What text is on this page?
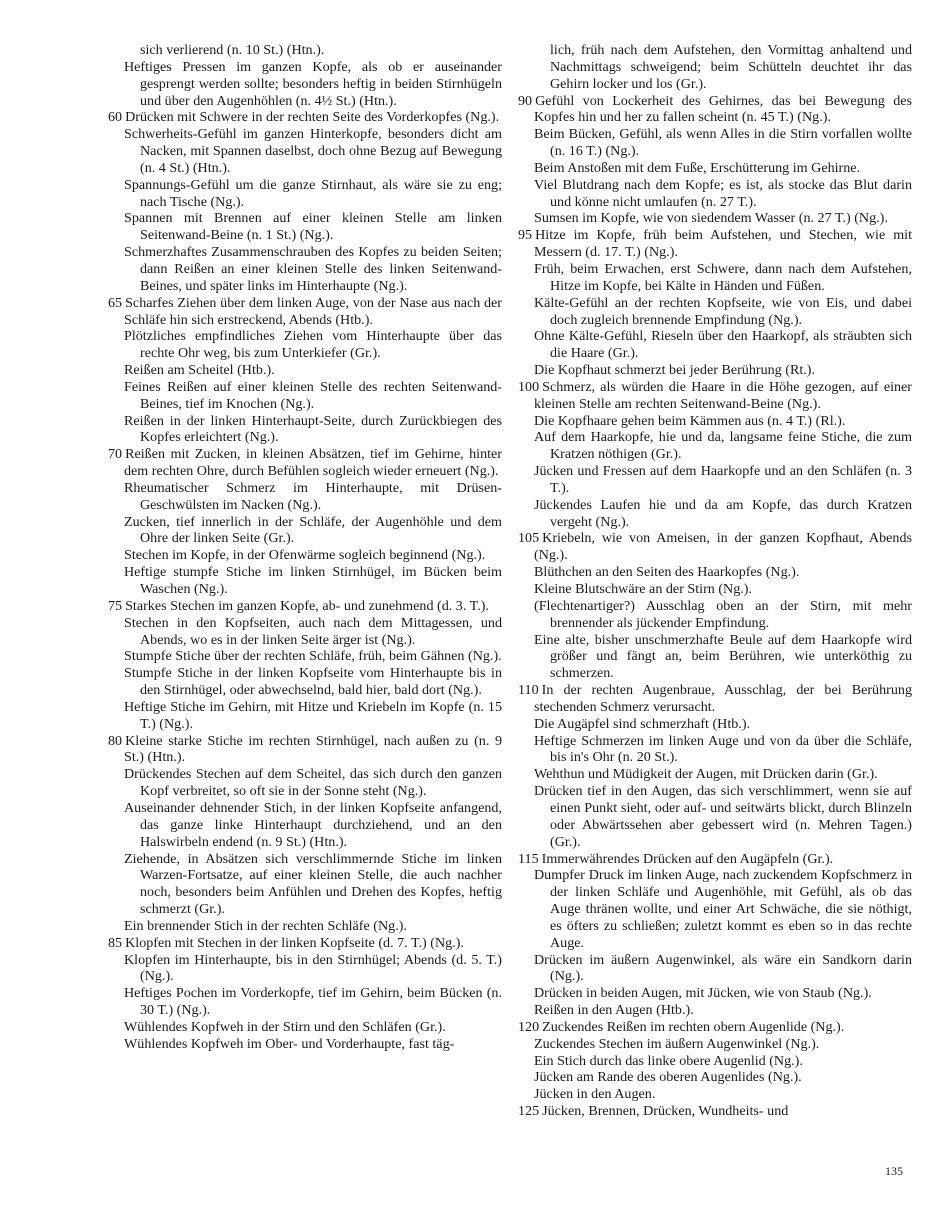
sich verlierend (n. 10 St.) (Htn.).

Heftiges Pressen im ganzen Kopfe, als ob er auseinander gesprengt werden sollte; besonders heftig in beiden Stirnhügeln und über den Augenhöhlen (n. 4½ St.) (Htn.).

60 Drücken mit Schwere in der rechten Seite des Vorderkopfes (Ng.).

Schwerheits-Gefühl im ganzen Hinterkopfe, besonders dicht am Nacken, mit Spannen daselbst, doch ohne Bezug auf Bewegung (n. 4 St.) (Htn.).

Spannungs-Gefühl um die ganze Stirnhaut, als wäre sie zu eng; nach Tische (Ng.).

Spannen mit Brennen auf einer kleinen Stelle am linken Seitenwand-Beine (n. 1 St.) (Ng.).

Schmerzhaftes Zusammenschrauben des Kopfes zu beiden Seiten; dann Reißen an einer kleinen Stelle des linken Seitenwand-Beines, und später links im Hinterhaupte (Ng.).

65 Scharfes Ziehen über dem linken Auge, von der Nase aus nach der Schläfe hin sich erstreckend, Abends (Htb.).

Plötzliches empfindliches Ziehen vom Hinterhaupte über das rechte Ohr weg, bis zum Unterkiefer (Gr.).

Reißen am Scheitel (Htb.).

Feines Reißen auf einer kleinen Stelle des rechten Seitenwand-Beines, tief im Knochen (Ng.).

Reißen in der linken Hinterhaupt-Seite, durch Zurückbiegen des Kopfes erleichtert (Ng.).

70 Reißen mit Zucken, in kleinen Absätzen, tief im Gehirne, hinter dem rechten Ohre, durch Befühlen sogleich wieder erneuert (Ng.).

Rheumatischer Schmerz im Hinterhaupte, mit Drüsen-Geschwülsten im Nacken (Ng.).

Zucken, tief innerlich in der Schläfe, der Augenhöhle und dem Ohre der linken Seite (Gr.).

Stechen im Kopfe, in der Ofenwärme sogleich beginnend (Ng.).

Heftige stumpfe Stiche im linken Stirnhügel, im Bücken beim Waschen (Ng.).

75 Starkes Stechen im ganzen Kopfe, ab- und zunehmend (d. 3. T.).

Stechen in den Kopfseiten, auch nach dem Mittagessen, und Abends, wo es in der linken Seite ärger ist (Ng.).

Stumpfe Stiche über der rechten Schläfe, früh, beim Gähnen (Ng.).

Stumpfe Stiche in der linken Kopfseite vom Hinterhaupte bis in den Stirnhügel, oder abwechselnd, bald hier, bald dort (Ng.).

Heftige Stiche im Gehirn, mit Hitze und Kriebeln im Kopfe (n. 15 T.) (Ng.).

80 Kleine starke Stiche im rechten Stirnhügel, nach außen zu (n. 9 St.) (Htn.).

Drückendes Stechen auf dem Scheitel, das sich durch den ganzen Kopf verbreitet, so oft sie in der Sonne steht (Ng.).

Auseinander dehnender Stich, in der linken Kopfseite anfangend, das ganze linke Hinterhaupt durchziehend, und an den Halswirbeln endend (n. 9 St.) (Htn.).

Ziehende, in Absätzen sich verschlimmernde Stiche im linken Warzen-Fortsatze, auf einer kleinen Stelle, die auch nachher noch, besonders beim Anfühlen und Drehen des Kopfes, heftig schmerzt (Gr.).

Ein brennender Stich in der rechten Schläfe (Ng.).

85 Klopfen mit Stechen in der linken Kopfseite (d. 7. T.) (Ng.).

Klopfen im Hinterhaupte, bis in den Stirnhügel; Abends (d. 5. T.) (Ng.).

Heftiges Pochen im Vorderkopfe, tief im Gehirn, beim Bücken (n. 30 T.) (Ng.).

Wühlendes Kopfweh in der Stirn und den Schläfen (Gr.).

Wühlendes Kopfweh im Ober- und Vorderhaupte, fast täg-

lich, früh nach dem Aufstehen, den Vormittag anhaltend und Nachmittags schweigend; beim Schütteln deuchtet ihr das Gehirn locker und los (Gr.).

90 Gefühl von Lockerheit des Gehirnes, das bei Bewegung des Kopfes hin und her zu fallen scheint (n. 45 T.) (Ng.).

Beim Bücken, Gefühl, als wenn Alles in die Stirn vorfallen wollte (n. 16 T.) (Ng.).

Beim Anstoßen mit dem Fuße, Erschütterung im Gehirne.

Viel Blutdrang nach dem Kopfe; es ist, als stocke das Blut darin und könne nicht umlaufen (n. 27 T.).

Sumsen im Kopfe, wie von siedendem Wasser (n. 27 T.) (Ng.).

95 Hitze im Kopfe, früh beim Aufstehen, und Stechen, wie mit Messern (d. 17. T.) (Ng.).

Früh, beim Erwachen, erst Schwere, dann nach dem Aufstehen, Hitze im Kopfe, bei Kälte in Händen und Füßen.

Kälte-Gefühl an der rechten Kopfseite, wie von Eis, und dabei doch zugleich brennende Empfindung (Ng.).

Ohne Kälte-Gefühl, Rieseln über den Haarkopf, als sträubten sich die Haare (Gr.).

Die Kopfhaut schmerzt bei jeder Berührung (Rt.).

100 Schmerz, als würden die Haare in die Höhe gezogen, auf einer kleinen Stelle am rechten Seitenwand-Beine (Ng.).

Die Kopfhaare gehen beim Kämmen aus (n. 4 T.) (Rl.).

Auf dem Haarkopfe, hie und da, langsame feine Stiche, die zum Kratzen nöthigen (Gr.).

Jücken und Fressen auf dem Haarkopfe und an den Schläfen (n. 3 T.).

Jückendes Laufen hie und da am Kopfe, das durch Kratzen vergeht (Ng.).

105 Kriebeln, wie von Ameisen, in der ganzen Kopfhaut, Abends (Ng.).

Blüthchen an den Seiten des Haarkopfes (Ng.).

Kleine Blutschwäre an der Stirn (Ng.).

(Flechtenartiger?) Ausschlag oben an der Stirn, mit mehr brennender als jückender Empfindung.

Eine alte, bisher unschmerzhafte Beule auf dem Haarkopfe wird größer und fängt an, beim Berühren, wie unterköthig zu schmerzen.

110 In der rechten Augenbraue, Ausschlag, der bei Berührung stechenden Schmerz verursacht.

Die Augäpfel sind schmerzhaft (Htb.).

Heftige Schmerzen im linken Auge und von da über die Schläfe, bis in's Ohr (n. 20 St.).

Wehthun und Müdigkeit der Augen, mit Drücken darin (Gr.).

Drücken tief in den Augen, das sich verschlimmert, wenn sie auf einen Punkt sieht, oder auf- und seitwärts blickt, durch Blinzeln oder Abwärtssehen aber gebessert wird (n. Mehren Tagen.) (Gr.).

115 Immerwährendes Drücken auf den Augäpfeln (Gr.).

Dumpfer Druck im linken Auge, nach zuckendem Kopfschmerz in der linken Schläfe und Augenhöhle, mit Gefühl, als ob das Auge thränen wollte, und einer Art Schwäche, die sie nöthigt, es öfters zu schließen; zuletzt kommt es eben so in das rechte Auge.

Drücken im äußern Augenwinkel, als wäre ein Sandkorn darin (Ng.).

Drücken in beiden Augen, mit Jücken, wie von Staub (Ng.).

Reißen in den Augen (Htb.).

120 Zuckendes Reißen im rechten obern Augenlide (Ng.).

Zuckendes Stechen im äußern Augenwinkel (Ng.).

Ein Stich durch das linke obere Augenlid (Ng.).

Jücken am Rande des oberen Augenlides (Ng.).

Jücken in den Augen.

125 Jücken, Brennen, Drücken, Wundheits- und

135
